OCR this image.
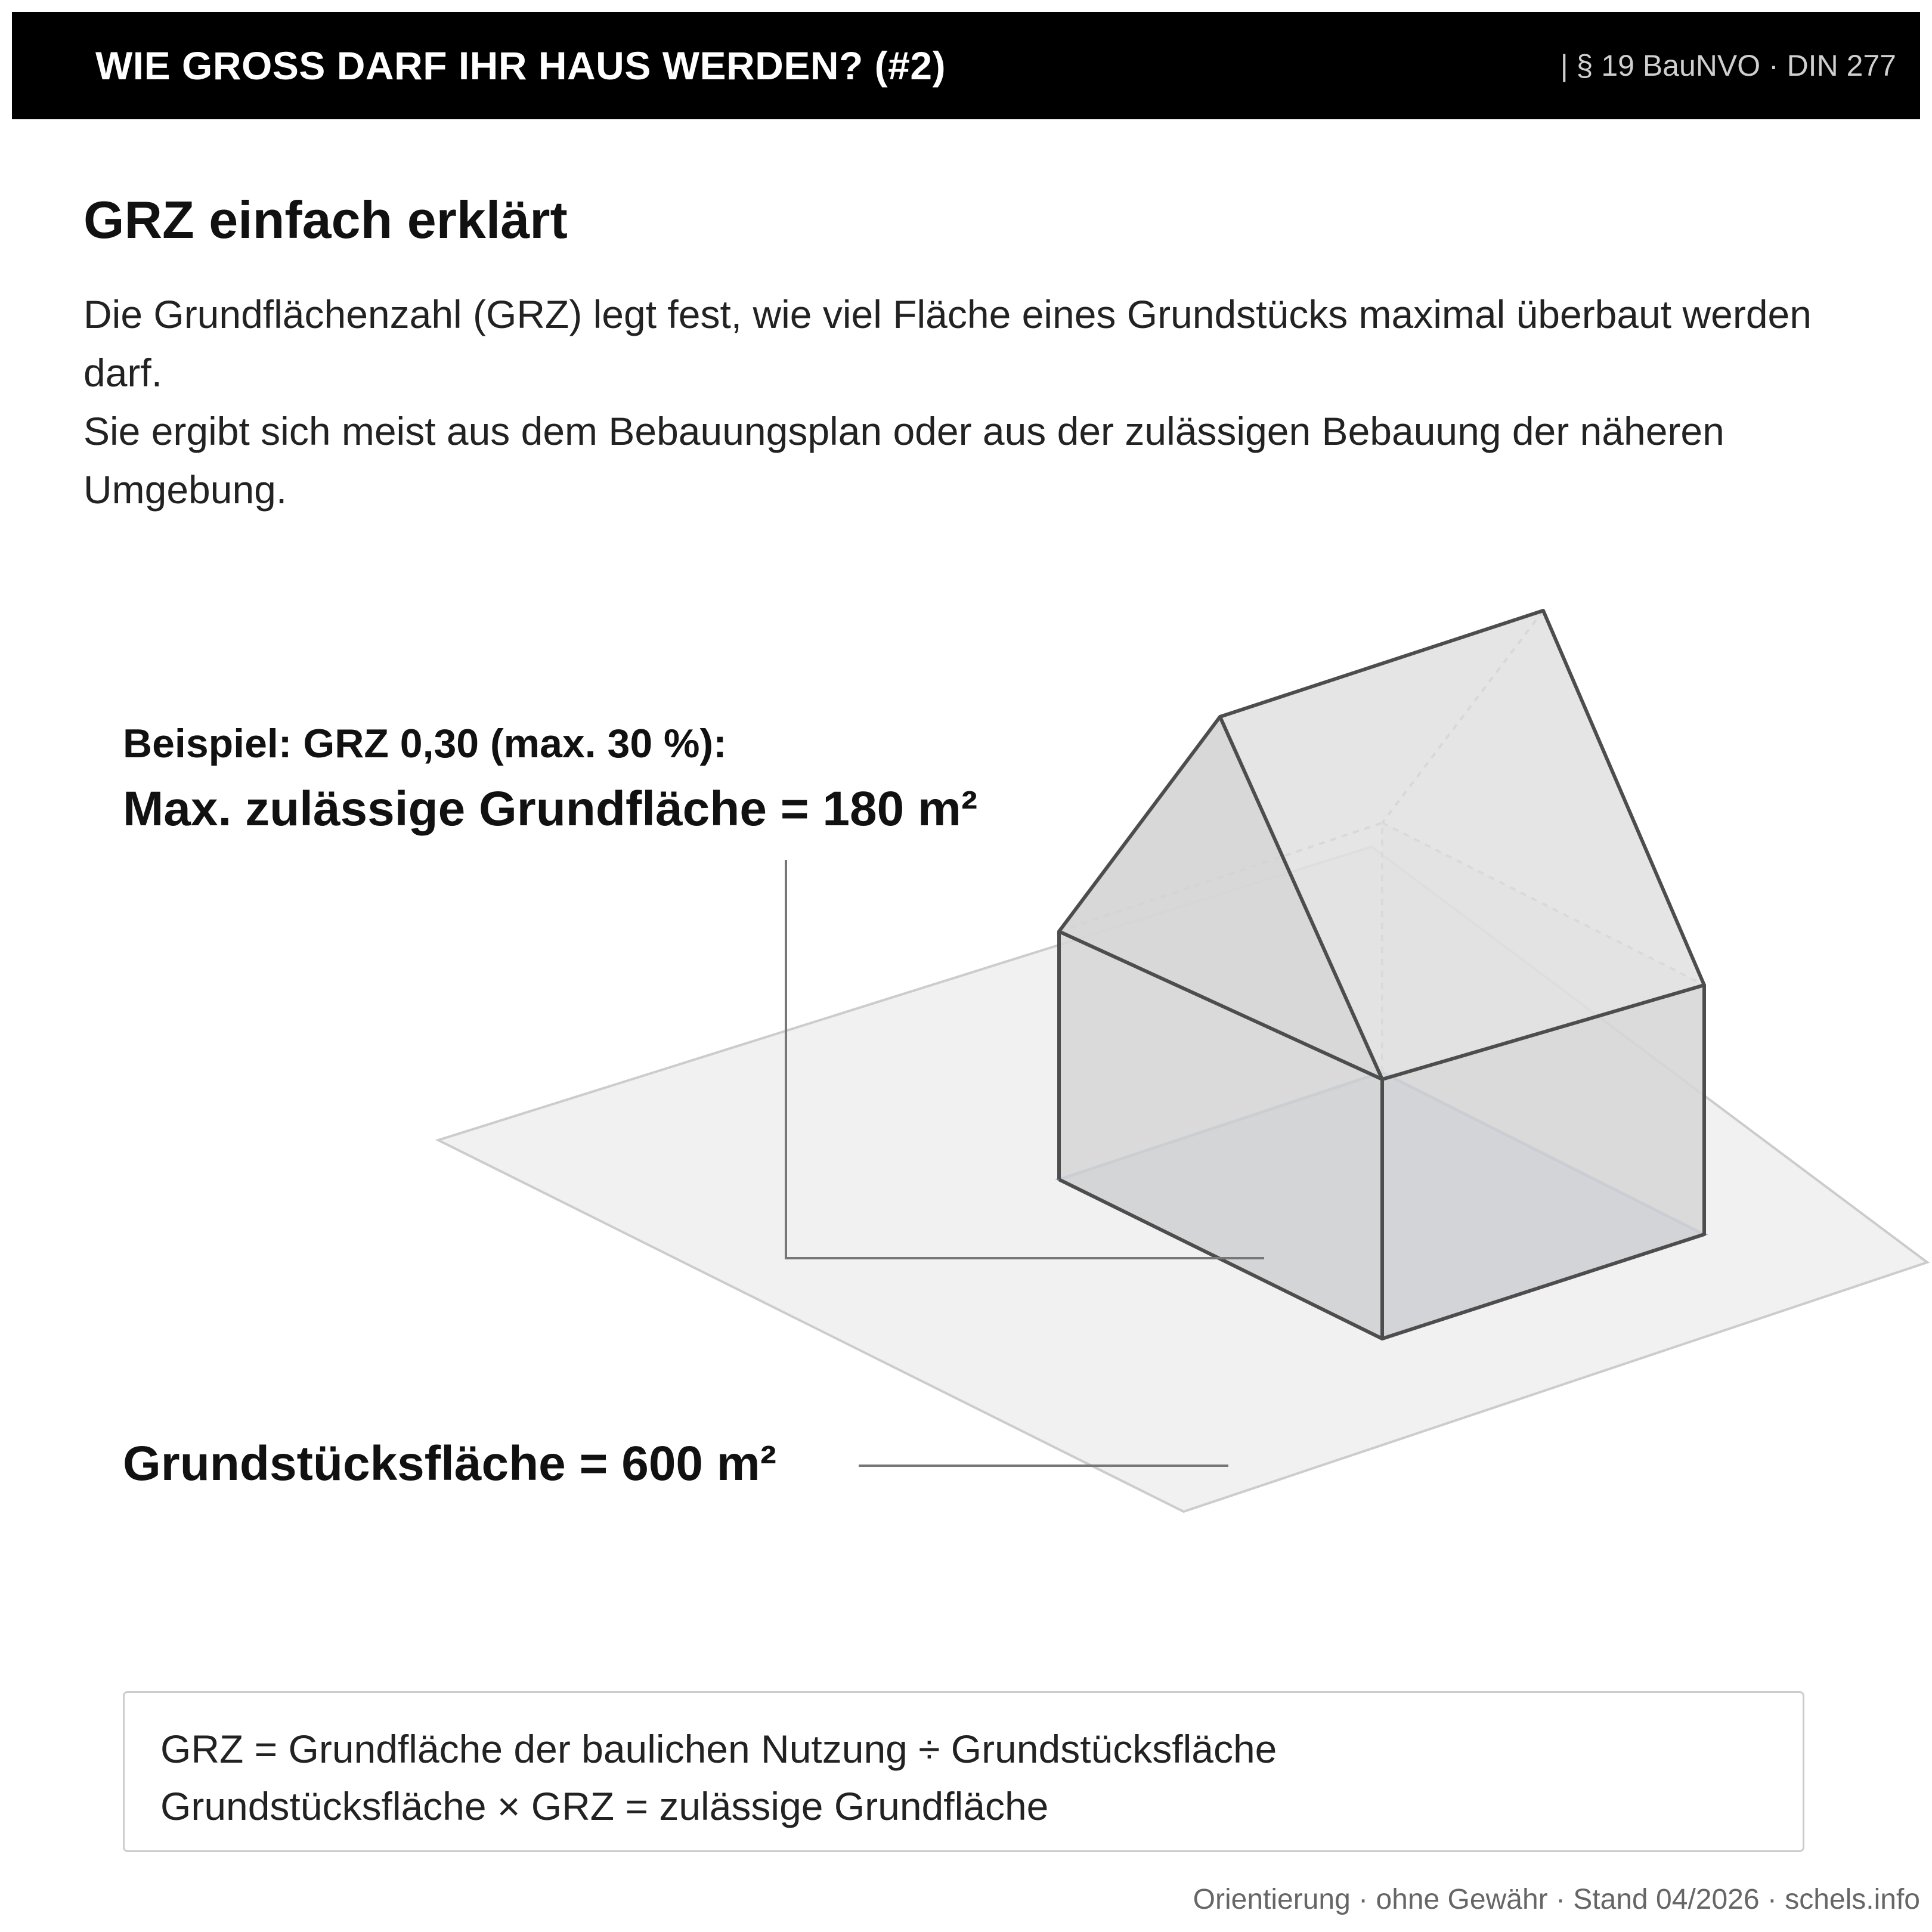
WIE GROSS DARF IHR HAUS WERDEN? (#2)	| § 19 BauNVO · DIN 277
GRZ einfach erklärt

Die Grundflächenzahl (GRZ) legt fest, wie viel Fläche eines Grundstücks maximal überbaut werden darf.

Sie ergibt sich meist aus dem Bebauungsplan oder aus der zulässigen Bebauung der näheren Umgebung.

Beispiel: GRZ 0,30 (max. 30 %):
Max. zulässige Grundfläche = 180 m²
Grundstücksfläche = 600 m²
GRZ = Grundfläche der baulichen Nutzung ÷ Grundstücksfläche
Grundstücksfläche × GRZ = zulässige Grundfläche
Orientierung · ohne Gewähr · Stand 04/2026 · schels.info
